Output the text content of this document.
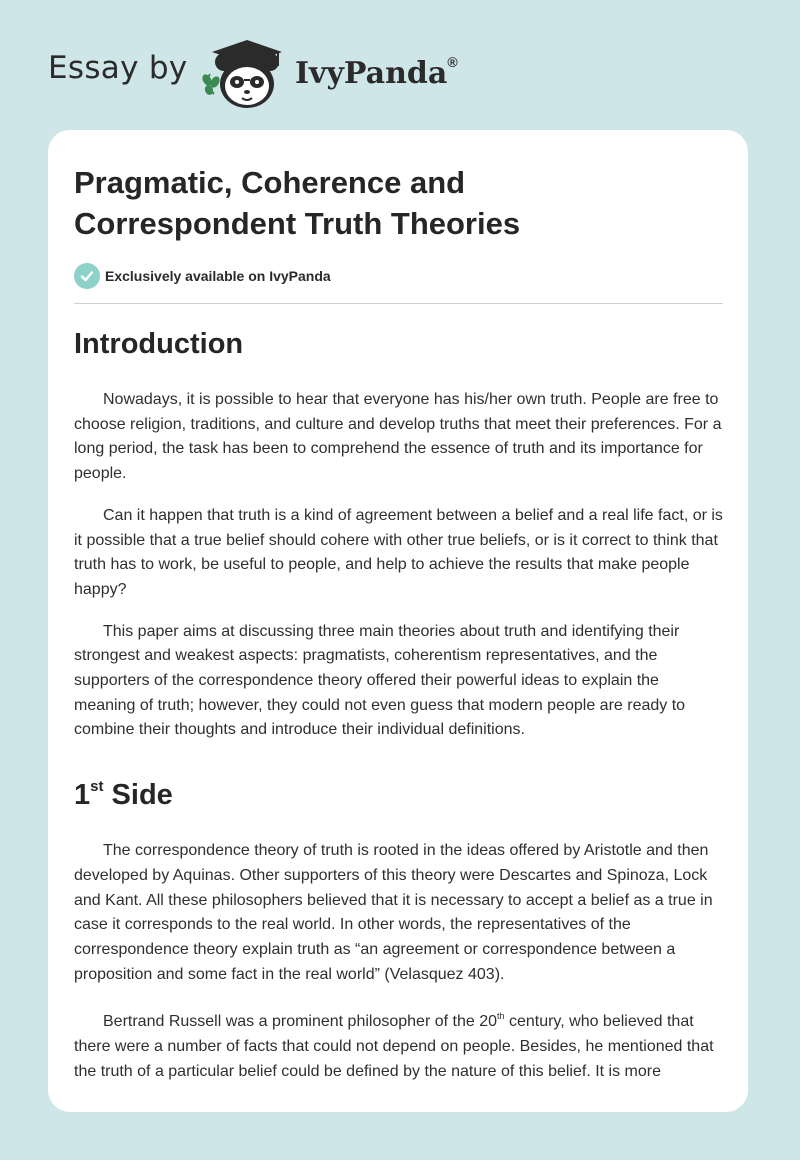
Essay by	IvyPanda®
Pragmatic, Coherence and Correspondent Truth Theories
Exclusively available on IvyPanda
Introduction

Nowadays, it is possible to hear that everyone has his/her own truth. People are free to choose religion, traditions, and culture and develop truths that meet their preferences. For a long period, the task has been to comprehend the essence of truth and its importance for people.

Can it happen that truth is a kind of agreement between a belief and a real life fact, or is it possible that a true belief should cohere with other true beliefs, or is it correct to think that truth has to work, be useful to people, and help to achieve the results that make people happy?

This paper aims at discussing three main theories about truth and identifying their strongest and weakest aspects: pragmatists, coherentism representatives, and the supporters of the correspondence theory offered their powerful ideas to explain the meaning of truth; however, they could not even guess that modern people are ready to combine their thoughts and introduce their individual definitions.

1st Side

The correspondence theory of truth is rooted in the ideas offered by Aristotle and then developed by Aquinas. Other supporters of this theory were Descartes and Spinoza, Lock and Kant. All these philosophers believed that it is necessary to accept a belief as a true in case it corresponds to the real world. In other words, the representatives of the correspondence theory explain truth as “an agreement or correspondence between a proposition and some fact in the real world” (Velasquez 403).

Bertrand Russell was a prominent philosopher of the 20th century, who believed that there were a number of facts that could not depend on people. Besides, he mentioned that the truth of a particular belief could be defined by the nature of this belief. It is more
